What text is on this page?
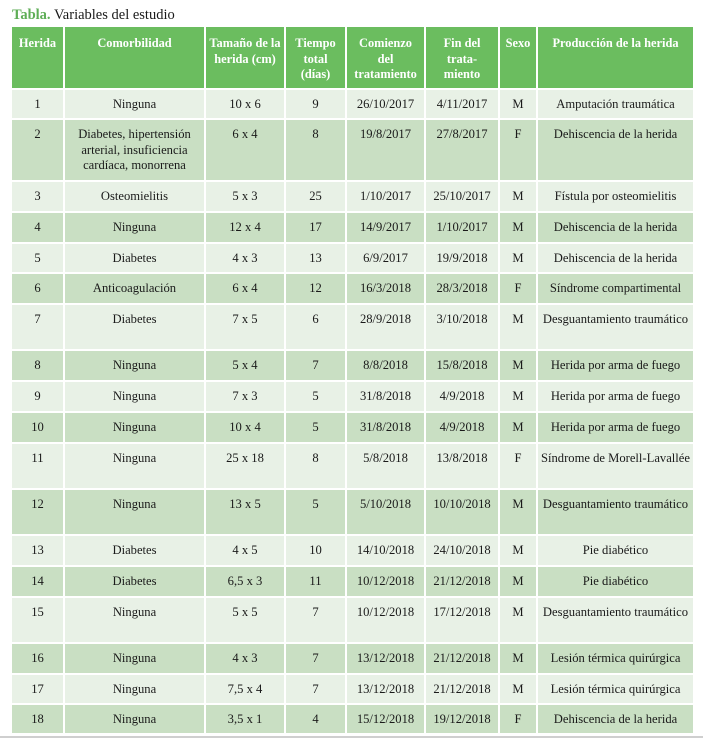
Tabla. Variables del estudio
Herida	Comorbilidad	Tamaño de la herida (cm)	Tiempo total (días)	Comienzo del tratamiento	Fin del trata- miento	Sexo	Producción de la herida
1	Ninguna	10 x 6	9	26/10/2017	4/11/2017	M	Amputación traumática
2	Diabetes, hipertensión arterial, insuficiencia cardíaca, monorrena	6 x 4	8	19/8/2017	27/8/2017	F	Dehiscencia de la herida
3	Osteomielitis	5 x 3	25	1/10/2017	25/10/2017	M	Fístula por osteomielitis
4	Ninguna	12 x 4	17	14/9/2017	1/10/2017	M	Dehiscencia de la herida
5	Diabetes	4 x 3	13	6/9/2017	19/9/2018	M	Dehiscencia de la herida
6	Anticoagulación	6 x 4	12	16/3/2018	28/3/2018	F	Síndrome compartimental
7	Diabetes	7 x 5	6	28/9/2018	3/10/2018	M	Desguantamiento traumático
8	Ninguna	5 x 4	7	8/8/2018	15/8/2018	M	Herida por arma de fuego
9	Ninguna	7 x 3	5	31/8/2018	4/9/2018	M	Herida por arma de fuego
10	Ninguna	10 x 4	5	31/8/2018	4/9/2018	M	Herida por arma de fuego
11	Ninguna	25 x 18	8	5/8/2018	13/8/2018	F	Síndrome de Morell-Lavallée
12	Ninguna	13 x 5	5	5/10/2018	10/10/2018	M	Desguantamiento traumático
13	Diabetes	4 x 5	10	14/10/2018	24/10/2018	M	Pie diabético
14	Diabetes	6,5 x 3	11	10/12/2018	21/12/2018	M	Pie diabético
15	Ninguna	5 x 5	7	10/12/2018	17/12/2018	M	Desguantamiento traumático
16	Ninguna	4 x 3	7	13/12/2018	21/12/2018	M	Lesión térmica quirúrgica
17	Ninguna	7,5 x 4	7	13/12/2018	21/12/2018	M	Lesión térmica quirúrgica
18	Ninguna	3,5 x 1	4	15/12/2018	19/12/2018	F	Dehiscencia de la herida
